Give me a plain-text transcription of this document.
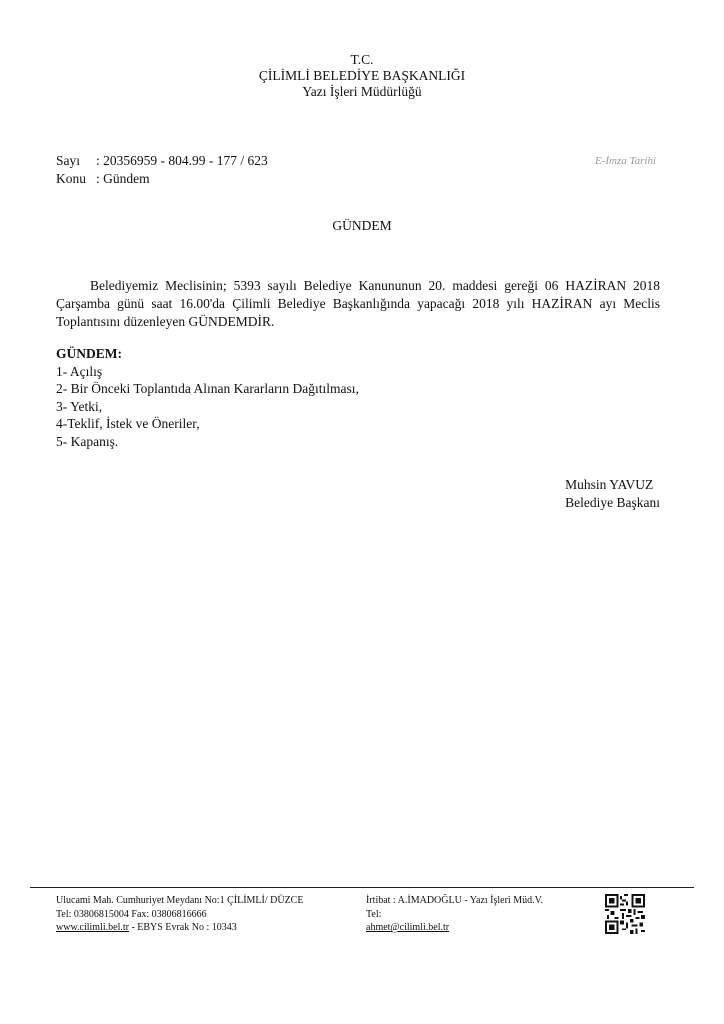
T.C.
ÇİLİMLİ BELEDİYE BAŞKANLIĞI
Yazı İşleri Müdürlüğü
Sayı	: 20356959 - 804.99 - 177 / 623
Konu : Gündem
E-İmza Tarihi
GÜNDEM
Belediyemiz Meclisinin; 5393 sayılı Belediye Kanununun 20. maddesi gereği 06 HAZİRAN 2018 Çarşamba günü saat 16.00'da Çilimli Belediye Başkanlığında yapacağı 2018 yılı HAZİRAN ayı Meclis Toplantısını düzenleyen GÜNDEMDİR.
GÜNDEM:
1- Açılış
2- Bir Önceki Toplantıda Alınan Kararların Dağıtılması,
3- Yetki,
4-Teklif, İstek ve Öneriler,
5- Kapanış.
Muhsin YAVUZ
Belediye Başkanı
Ulucami Mah. Cumhuriyet Meydanı No:1 ÇİLİMLİ/ DÜZCE
Tel: 03806815004 Fax: 03806816666
www.cilimli.bel.tr - EBYS Evrak No : 10343
İrtibat : A.İMADOĞLU - Yazı İşleri Müd.V.
Tel:
ahmet@cilimli.bel.tr
